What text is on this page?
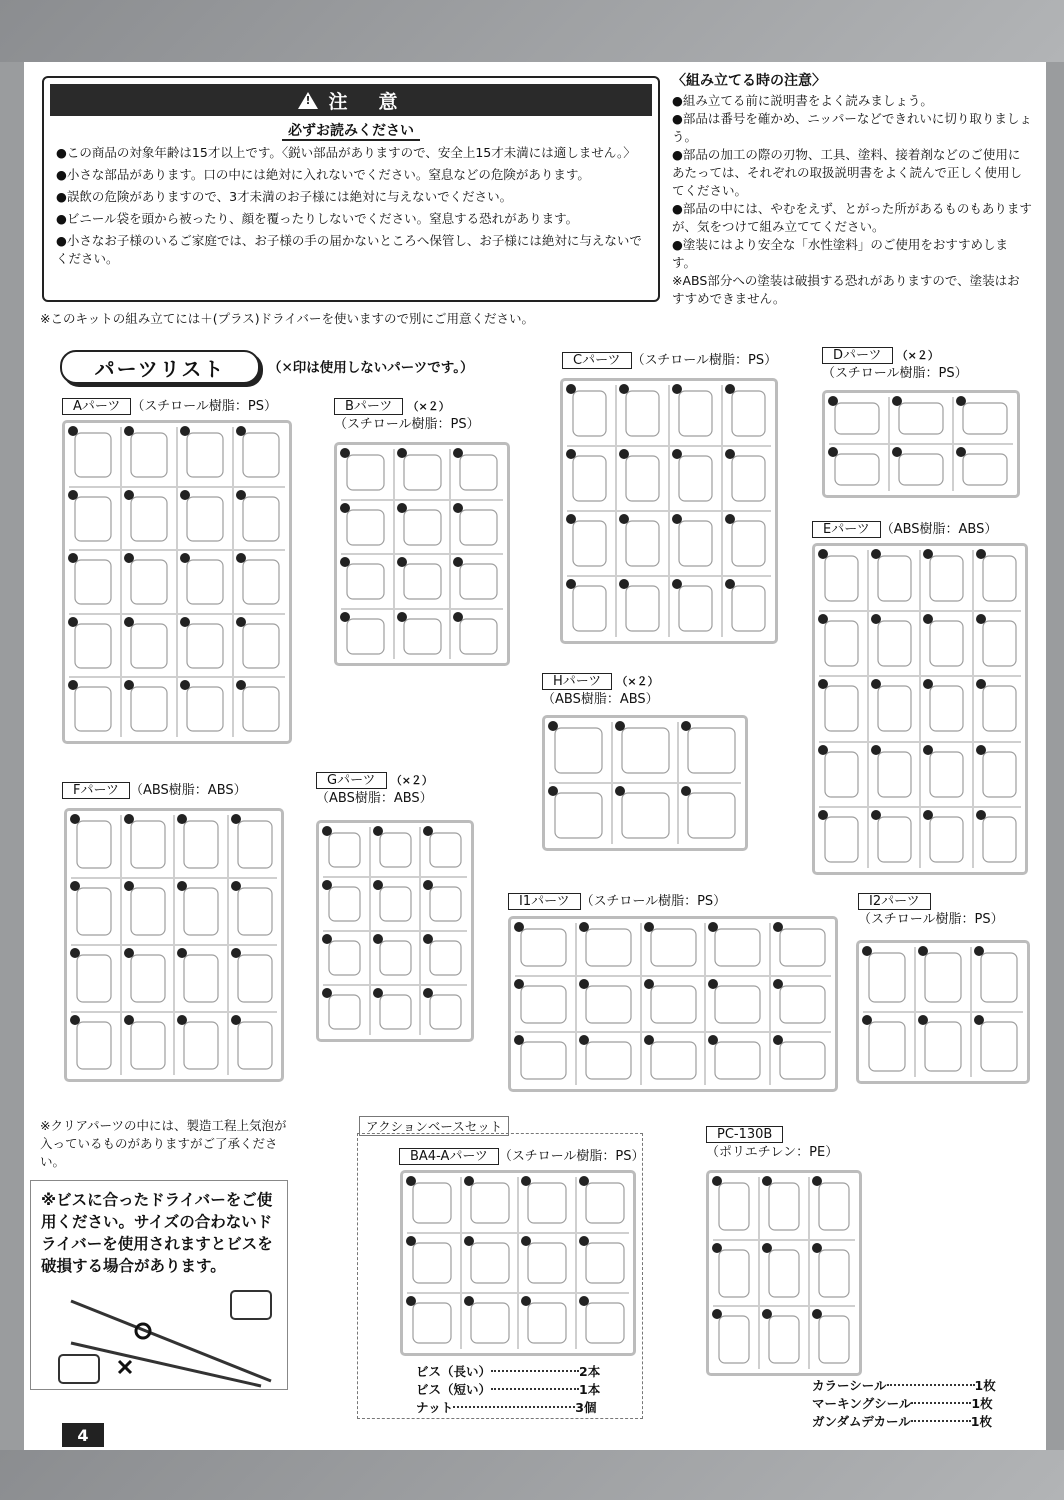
!
注　意
必ずお読みください
●この商品の対象年齢は15才以上です。〈鋭い部品がありますので、安全上15才未満には適しません。〉
●小さな部品があります。口の中には絶対に入れないでください。窒息などの危険があります。
●誤飲の危険がありますので、3才未満のお子様には絶対に与えないでください。
●ビニール袋を頭から被ったり、顔を覆ったりしないでください。窒息する恐れがあります。
●小さなお子様のいるご家庭では、お子様の手の届かないところへ保管し、お子様には絶対に与えないでください。
※このキットの組み立てには＋(プラス)ドライバーを使いますので別にご用意ください。
〈組み立てる時の注意〉
●組み立てる前に説明書をよく読みましょう。
●部品は番号を確かめ、ニッパーなどできれいに切り取りましょう。
●部品の加工の際の刃物、工具、塗料、接着剤などのご使用にあたっては、それぞれの取扱説明書をよく読んで正しく使用してください。
●部品の中には、やむをえず、とがった所があるものもありますが、気をつけて組み立ててください。
●塗装にはより安全な「水性塗料」のご使用をおすすめします。
※ABS部分への塗装は破損する恐れがありますので、塗装はおすすめできません。
パーツリスト	（✕印は使用しないパーツです。）
Aパーツ （スチロール樹脂：PS）	Bパーツ （×２）
（スチロール樹脂：PS）
Cパーツ （スチロール樹脂：PS）	Dパーツ （×２）
（スチロール樹脂：PS）
Eパーツ （ABS樹脂：ABS）
Hパーツ （×２）
（ABS樹脂：ABS）
Fパーツ （ABS樹脂：ABS）
Gパーツ （×２）
（ABS樹脂：ABS）
I1パーツ （スチロール樹脂：PS）	I2パーツ
（スチロール樹脂：PS）
BA4-Aパーツ （スチロール樹脂：PS）
PC-130B
（ポリエチレン：PE）
※クリアパーツの中には、製造工程上気泡が入っているものがありますがご了承ください。
※ビスに合ったドライバーをご使用ください。サイズの合わないドライバーを使用されますとビスを破損する場合があります。
アクションベースセット
ビス（長い）	2本
ビス（短い）	1本
ナット	3個
カラーシール	1枚
マーキングシール	1枚
ガンダムデカール	1枚
4
